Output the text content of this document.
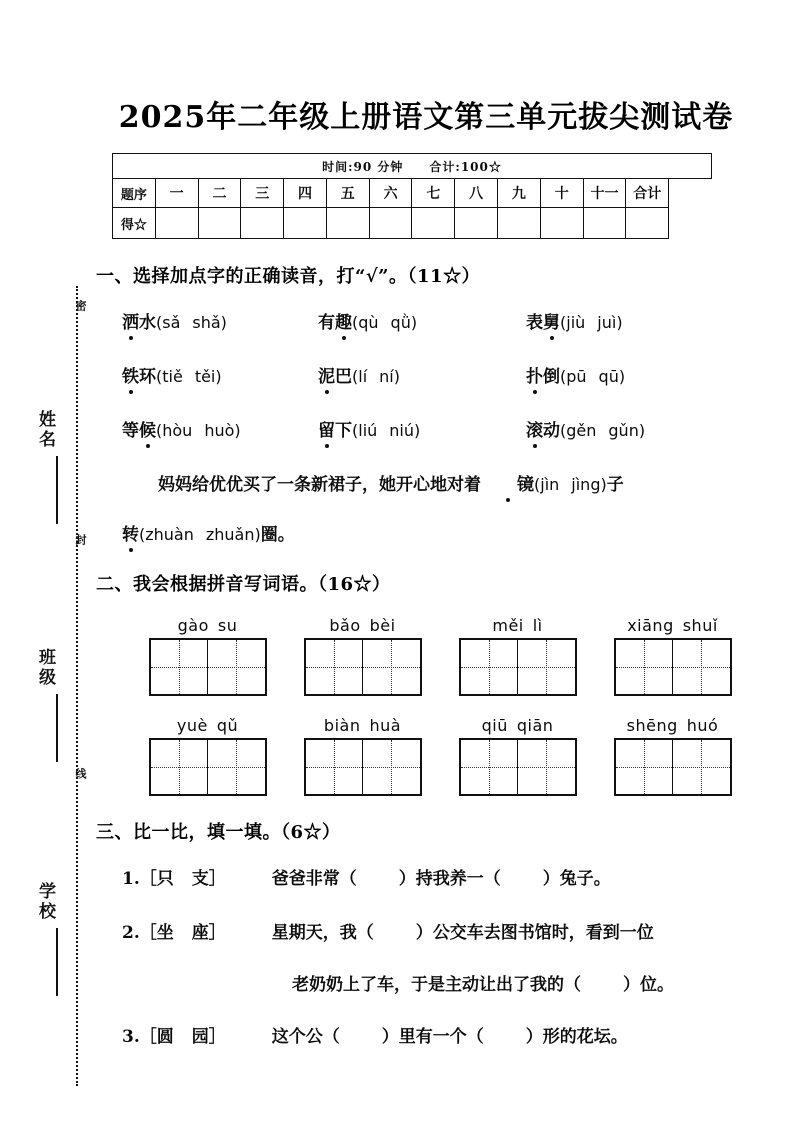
密
封
线
姓名
班级
学校
2025年二年级上册语文第三单元拔尖测试卷
时间:90 分钟 合计:100☆												
题序	一	二	三	四	五	六	七	八	九	十	十一	合计
得☆												
一、选择加点字的正确读音，打“√”。（11☆）
洒水(sǎ shǎ)	有趣(qù qǜ)	表舅(jiù juì)
铁环(tiě těi)	泥巴(lí ní)	扑倒(pū qū)
等候(hòu huò)	留下(liú niú)	滚动(gěn gǔn)
妈妈给优优买了一条新裙子，她开心地对着 镜(jìn jìng)子
转(zhuàn zhuǎn)圈。
二、我会根据拼音写词语。（16☆）
gào su	bǎo bèi	měi lì	xiāng shuǐ
yuè qǔ	biàn huà	qiū qiān	shēng huó
三、比一比，填一填。（6☆）
1.［只 支］	爸爸非常（ ）持我养一（ ）兔子。
2.［坐 座］	星期天，我（ ）公交车去图书馆时，看到一位
老奶奶上了车，于是主动让出了我的（ ）位。
3.［圆 园］	这个公（ ）里有一个（ ）形的花坛。
